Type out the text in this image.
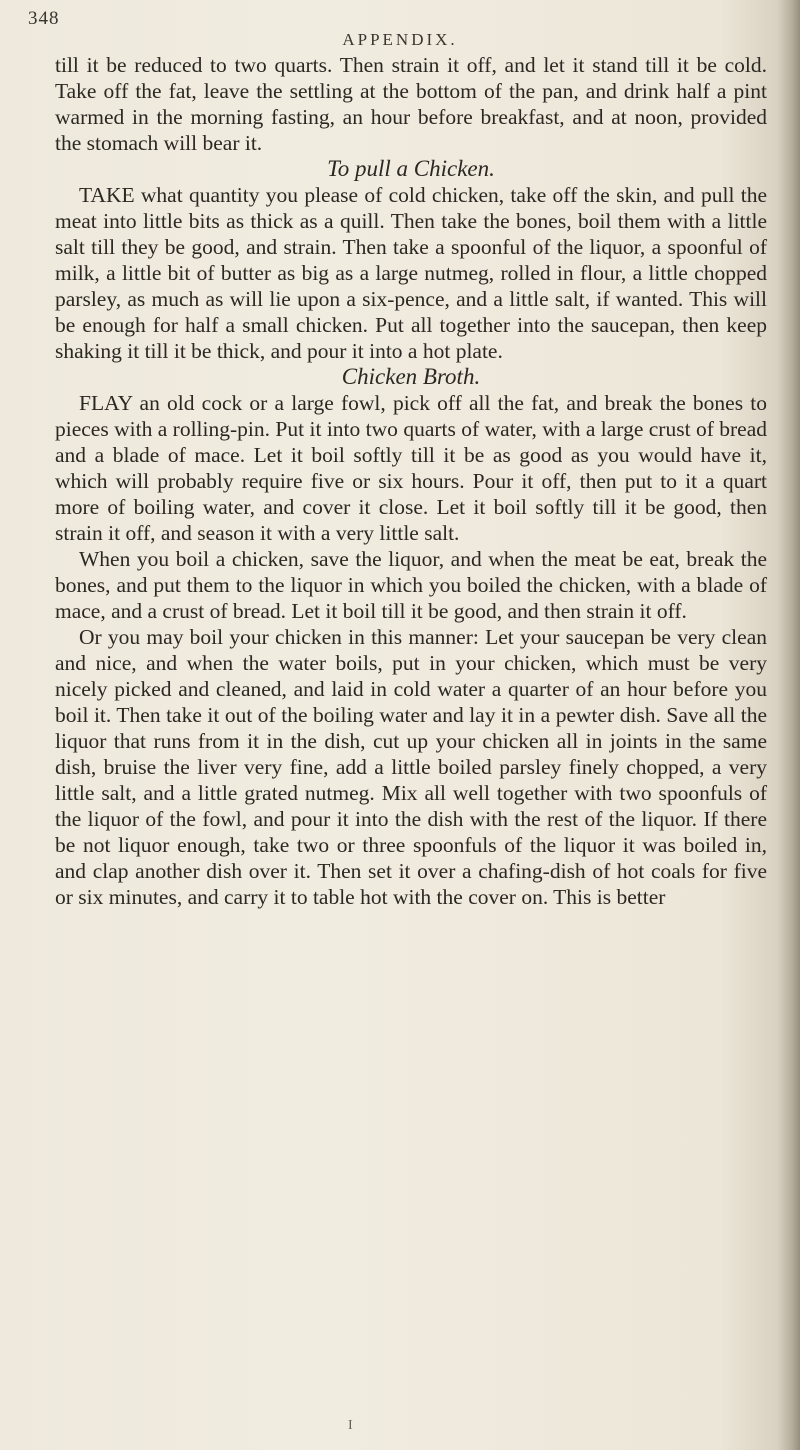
348
APPENDIX.

till it be reduced to two quarts. Then strain it off, and let it stand till it be cold. Take off the fat, leave the settling at the bottom of the pan, and drink half a pint warmed in the morning fasting, an hour before breakfast, and at noon, provided the stomach will bear it.

To pull a Chicken.

TAKE what quantity you please of cold chicken, take off the skin, and pull the meat into little bits as thick as a quill. Then take the bones, boil them with a little salt till they be good, and strain. Then take a spoonful of the liquor, a spoonful of milk, a little bit of butter as big as a large nutmeg, rolled in flour, a little chopped parsley, as much as will lie upon a six-pence, and a little salt, if wanted. This will be enough for half a small chicken. Put all together into the saucepan, then keep shaking it till it be thick, and pour it into a hot plate.

Chicken Broth.

FLAY an old cock or a large fowl, pick off all the fat, and break the bones to pieces with a rolling-pin. Put it into two quarts of water, with a large crust of bread and a blade of mace. Let it boil softly till it be as good as you would have it, which will probably require five or six hours. Pour it off, then put to it a quart more of boiling water, and cover it close. Let it boil softly till it be good, then strain it off, and season it with a very little salt.

When you boil a chicken, save the liquor, and when the meat be eat, break the bones, and put them to the liquor in which you boiled the chicken, with a blade of mace, and a crust of bread. Let it boil till it be good, and then strain it off.

Or you may boil your chicken in this manner: Let your saucepan be very clean and nice, and when the water boils, put in your chicken, which must be very nicely picked and cleaned, and laid in cold water a quarter of an hour before you boil it. Then take it out of the boiling water and lay it in a pewter dish. Save all the liquor that runs from it in the dish, cut up your chicken all in joints in the same dish, bruise the liver very fine, add a little boiled parsley finely chopped, a very little salt, and a little grated nutmeg. Mix all well together with two spoonfuls of the liquor of the fowl, and pour it into the dish with the rest of the liquor. If there be not liquor enough, take two or three spoonfuls of the liquor it was boiled in, and clap another dish over it. Then set it over a chafing-dish of hot coals for five or six minutes, and carry it to table hot with the cover on. This is better

I
